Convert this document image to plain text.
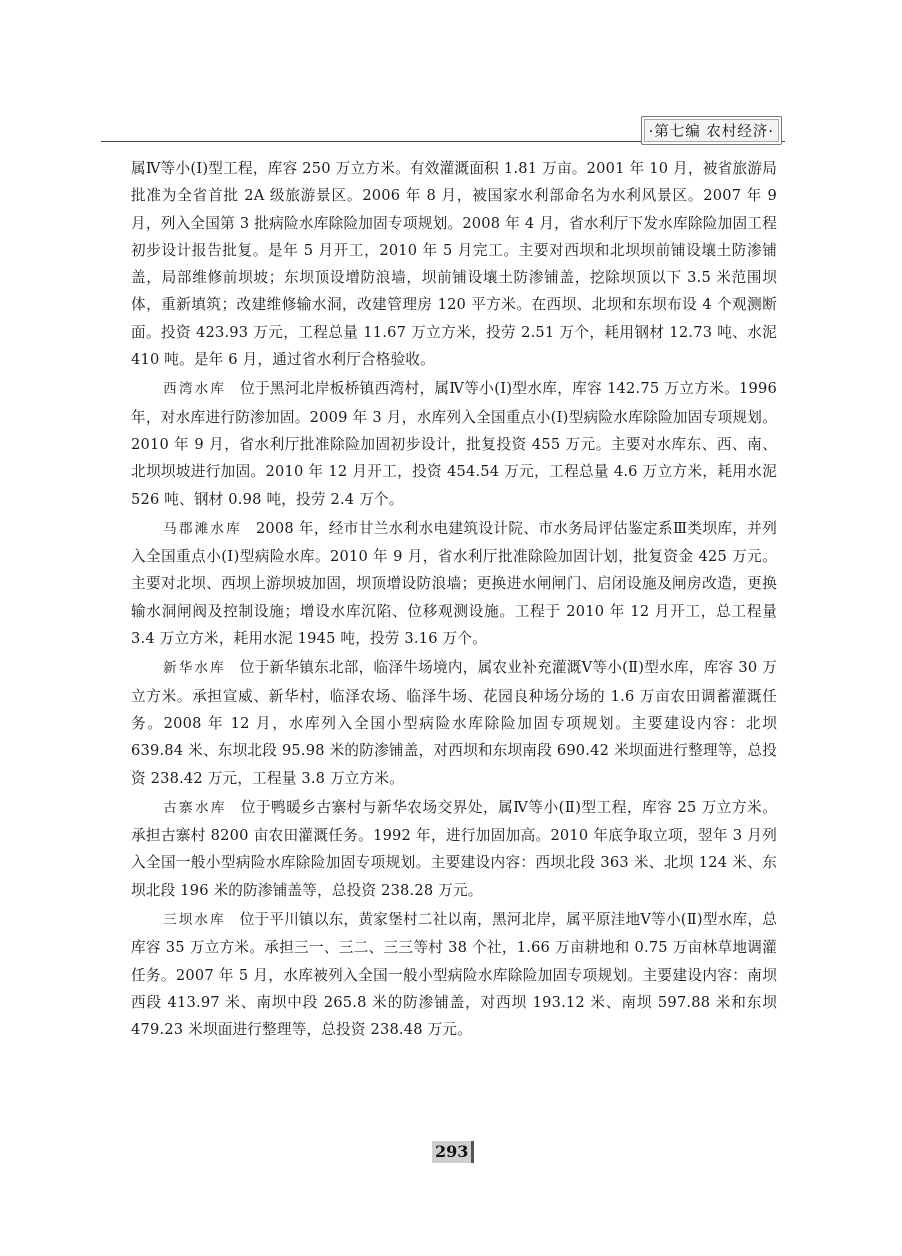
·第七编 农村经济·

属Ⅳ等小(Ⅰ)型工程，库容 250 万立方米。有效灌溉面积 1.81 万亩。2001 年 10 月，被省旅游局批准为全省首批 2A 级旅游景区。2006 年 8 月，被国家水利部命名为水利风景区。2007 年 9 月，列入全国第 3 批病险水库除险加固专项规划。2008 年 4 月，省水利厅下发水库除险加固工程初步设计报告批复。是年 5 月开工，2010 年 5 月完工。主要对西坝和北坝坝前铺设壤土防渗铺盖，局部维修前坝坡；东坝顶设增防浪墙，坝前铺设壤土防渗铺盖，挖除坝顶以下 3.5 米范围坝体，重新填筑；改建维修输水洞，改建管理房 120 平方米。在西坝、北坝和东坝布设 4 个观测断面。投资 423.93 万元，工程总量 11.67 万立方米，投劳 2.51 万个，耗用钢材 12.73 吨、水泥 410 吨。是年 6 月，通过省水利厅合格验收。

西湾水库 位于黑河北岸板桥镇西湾村，属Ⅳ等小(Ⅰ)型水库，库容 142.75 万立方米。1996 年，对水库进行防渗加固。2009 年 3 月，水库列入全国重点小(Ⅰ)型病险水库除险加固专项规划。2010 年 9 月，省水利厅批准除险加固初步设计，批复投资 455 万元。主要对水库东、西、南、北坝坝坡进行加固。2010 年 12 月开工，投资 454.54 万元，工程总量 4.6 万立方米，耗用水泥 526 吨、钢材 0.98 吨，投劳 2.4 万个。

马郡滩水库 2008 年，经市甘兰水利水电建筑设计院、市水务局评估鉴定系Ⅲ类坝库，并列入全国重点小(Ⅰ)型病险水库。2010 年 9 月，省水利厅批准除险加固计划，批复资金 425 万元。主要对北坝、西坝上游坝坡加固，坝顶增设防浪墙；更换进水闸闸门、启闭设施及闸房改造，更换输水洞闸阀及控制设施；增设水库沉陷、位移观测设施。工程于 2010 年 12 月开工，总工程量 3.4 万立方米，耗用水泥 1945 吨，投劳 3.16 万个。

新华水库 位于新华镇东北部，临泽牛场境内，属农业补充灌溉Ⅴ等小(Ⅱ)型水库，库容 30 万立方米。承担宣威、新华村，临泽农场、临泽牛场、花园良种场分场的 1.6 万亩农田调蓄灌溉任务。2008 年 12 月，水库列入全国小型病险水库除险加固专项规划。主要建设内容：北坝 639.84 米、东坝北段 95.98 米的防渗铺盖，对西坝和东坝南段 690.42 米坝面进行整理等，总投资 238.42 万元，工程量 3.8 万立方米。

古寨水库 位于鸭暖乡古寨村与新华农场交界处，属Ⅳ等小(Ⅱ)型工程，库容 25 万立方米。承担古寨村 8200 亩农田灌溉任务。1992 年，进行加固加高。2010 年底争取立项，翌年 3 月列入全国一般小型病险水库除险加固专项规划。主要建设内容：西坝北段 363 米、北坝 124 米、东坝北段 196 米的防渗铺盖等，总投资 238.28 万元。

三坝水库 位于平川镇以东，黄家堡村二社以南，黑河北岸，属平原洼地Ⅴ等小(Ⅱ)型水库，总库容 35 万立方米。承担三一、三二、三三等村 38 个社，1.66 万亩耕地和 0.75 万亩林草地调灌任务。2007 年 5 月，水库被列入全国一般小型病险水库除险加固专项规划。主要建设内容：南坝西段 413.97 米、南坝中段 265.8 米的防渗铺盖，对西坝 193.12 米、南坝 597.88 米和东坝 479.23 米坝面进行整理等，总投资 238.48 万元。

293
